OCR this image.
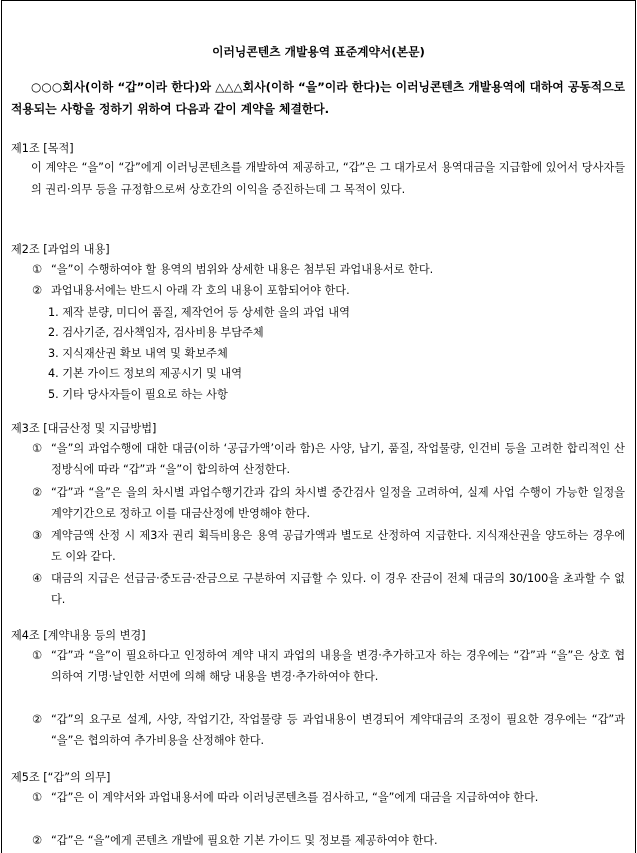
이러닝콘텐츠 개발용역 표준계약서(본문)
○○○회사(이하 “갑”이라 한다)와 △△△회사(이하 “을”이라 한다)는 이러닝콘텐츠 개발용역에 대하여 공동적으로 적용되는 사항을 정하기 위하여 다음과 같이 계약을 체결한다.
제1조 [목적]
이 계약은 “을”이 “갑”에게 이러닝콘텐츠를 개발하여 제공하고, “갑”은 그 대가로서 용역대금을 지급함에 있어서 당사자들의 권리·의무 등을 규정함으로써 상호간의 이익을 증진하는데 그 목적이 있다.
제2조 [과업의 내용]
① “을”이 수행하여야 할 용역의 범위와 상세한 내용은 첨부된 과업내용서로 한다.
② 과업내용서에는 반드시 아래 각 호의 내용이 포함되어야 한다.
1. 제작 분량, 미디어 품질, 제작언어 등 상세한 을의 과업 내역
2. 검사기준, 검사책임자, 검사비용 부담주체
3. 지식재산권 확보 내역 및 확보주체
4. 기본 가이드 정보의 제공시기 및 내역
5. 기타 당사자들이 필요로 하는 사항
제3조 [대금산정 및 지급방법]
① “을”의 과업수행에 대한 대금(이하 ‘공급가액’이라 함)은 사양, 납기, 품질, 작업물량, 인건비 등을 고려한 합리적인 산정방식에 따라 “갑”과 “을”이 합의하여 산정한다.
② “갑”과 “을”은 을의 차시별 과업수행기간과 갑의 차시별 중간검사 일정을 고려하여, 실제 사업 수행이 가능한 일정을 계약기간으로 정하고 이를 대금산정에 반영해야 한다.
③ 계약금액 산정 시 제3자 권리 획득비용은 용역 공급가액과 별도로 산정하여 지급한다. 지식재산권을 양도하는 경우에도 이와 같다.
④ 대금의 지급은 선급금·중도금·잔금으로 구분하여 지급할 수 있다. 이 경우 잔금이 전체 대금의 30/100을 초과할 수 없다.
제4조 [계약내용 등의 변경]
① “갑”과 “을”이 필요하다고 인정하여 계약 내지 과업의 내용을 변경·추가하고자 하는 경우에는 “갑”과 “을”은 상호 협의하여 기명·날인한 서면에 의해 해당 내용을 변경·추가하여야 한다.
② “갑”의 요구로 설계, 사양, 작업기간, 작업물량 등 과업내용이 변경되어 계약대금의 조정이 필요한 경우에는 “갑”과 “을”은 협의하여 추가비용을 산정해야 한다.
제5조 [“갑”의 의무]
① “갑”은 이 계약서와 과업내용서에 따라 이러닝콘텐츠를 검사하고, “을”에게 대금을 지급하여야 한다.
② “갑”은 “을”에게 콘텐츠 개발에 필요한 기본 가이드 및 정보를 제공하여야 한다.
